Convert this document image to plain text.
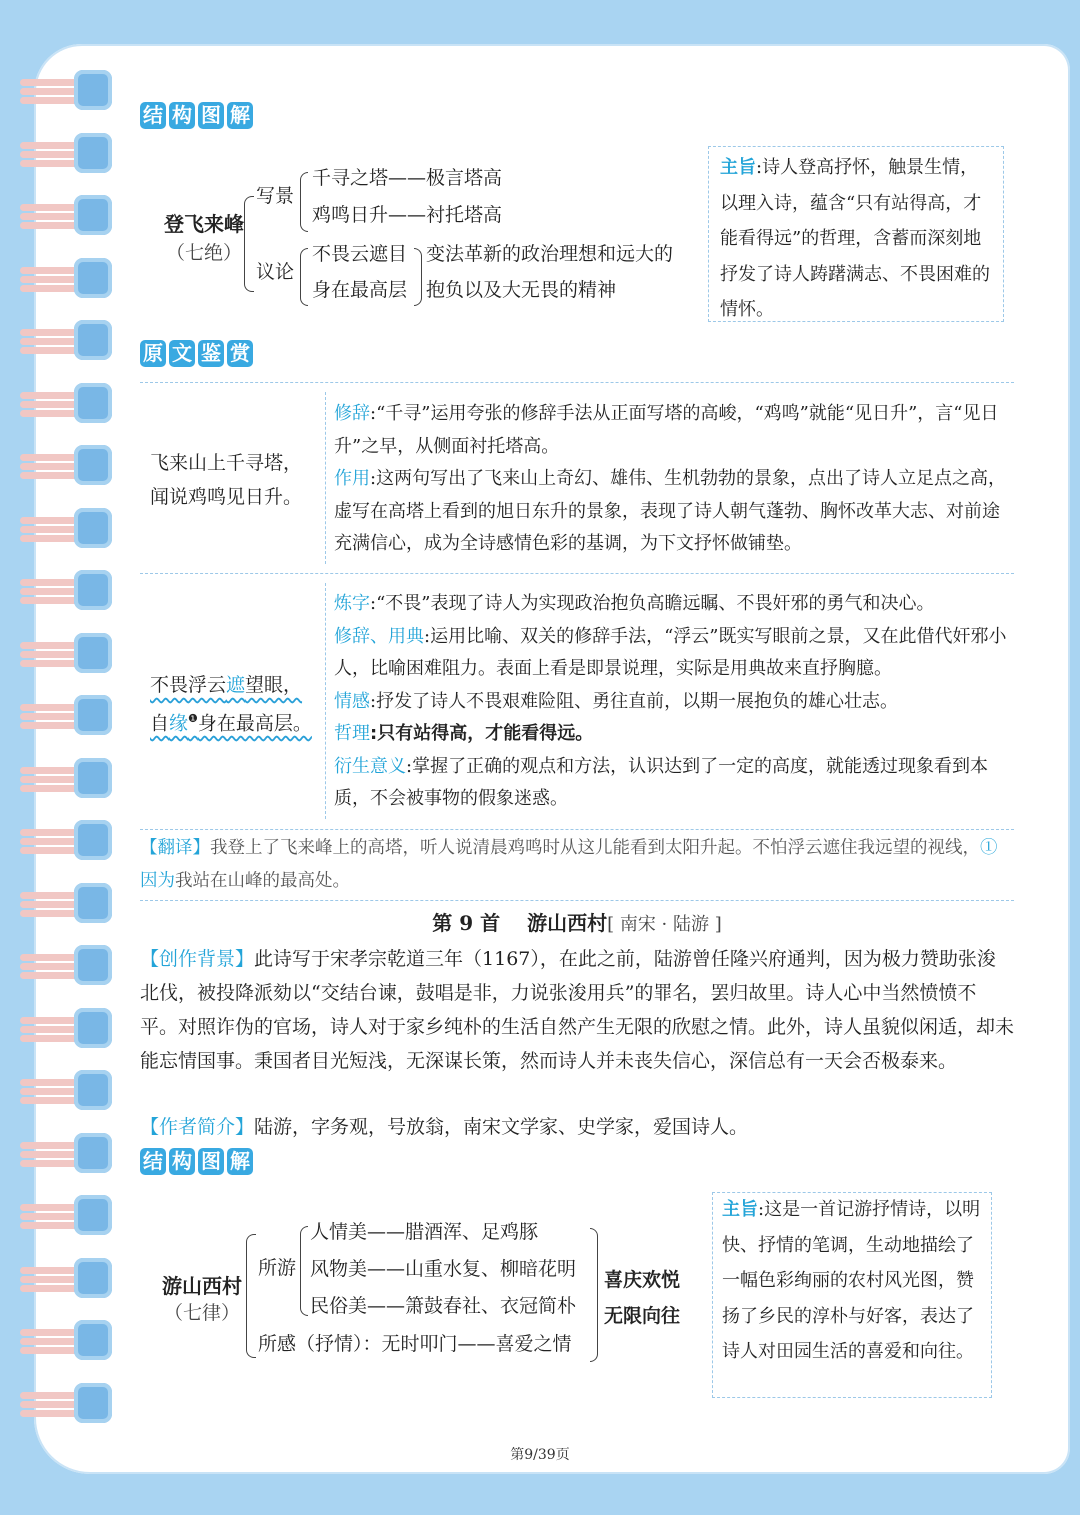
结 构 图 解
登飞来峰
（七绝）
写景
千寻之塔——极言塔高
鸡鸣日升——衬托塔高
议论
不畏云遮目
身在最高层
变法革新的政治理想和远大的
抱负以及大无畏的精神
主旨:诗人登高抒怀，触景生情，以理入诗，蕴含“只有站得高，才能看得远”的哲理，含蓄而深刻地抒发了诗人踌躇满志、不畏困难的情怀。
原 文 鉴 赏
飞来山上千寻塔，
闻说鸡鸣见日升。
修辞:“千寻”运用夸张的修辞手法从正面写塔的高峻，“鸡鸣”就能“见日升”，言“见日升”之早，从侧面衬托塔高。
作用:这两句写出了飞来山上奇幻、雄伟、生机勃勃的景象，点出了诗人立足点之高，虚写在高塔上看到的旭日东升的景象，表现了诗人朝气蓬勃、胸怀改革大志、对前途充满信心，成为全诗感情色彩的基调，为下文抒怀做铺垫。
不畏浮云遮望眼，
自缘$^❶$身在最高层。
炼字:“不畏”表现了诗人为实现政治抱负高瞻远瞩、不畏奸邪的勇气和决心。
修辞、用典:运用比喻、双关的修辞手法，“浮云”既实写眼前之景，又在此借代奸邪小人，比喻困难阻力。表面上看是即景说理，实际是用典故来直抒胸臆。
情感:抒发了诗人不畏艰难险阻、勇往直前，以期一展抱负的雄心壮志。
哲理:只有站得高，才能看得远。
衍生意义:掌握了正确的观点和方法，认识达到了一定的高度，就能透过现象看到本质，不会被事物的假象迷惑。
【翻译】我登上了飞来峰上的高塔，听人说清晨鸡鸣时从这儿能看到太阳升起。不怕浮云遮住我远望的视线，①因为我站在山峰的最高处。
第 9 首　 游山西村[ 南宋 · 陆游 ]
【创作背景】此诗写于宋孝宗乾道三年（1167），在此之前，陆游曾任隆兴府通判，因为极力赞助张浚北伐，被投降派劾以“交结台谏，鼓唱是非，力说张浚用兵”的罪名，罢归故里。诗人心中当然愤愤不平。对照诈伪的官场，诗人对于家乡纯朴的生活自然产生无限的欣慰之情。此外，诗人虽貌似闲适，却未能忘情国事。秉国者目光短浅，无深谋长策，然而诗人并未丧失信心，深信总有一天会否极泰来。
【作者简介】陆游，字务观，号放翁，南宋文学家、史学家，爱国诗人。
结 构 图 解
游山西村
（七律）
所游
人情美——腊酒浑、足鸡豚
风物美——山重水复、柳暗花明
民俗美——箫鼓春社、衣冠简朴
所感（抒情）：无时叩门——喜爱之情
喜庆欢悦
无限向往
主旨:这是一首记游抒情诗，以明快、抒情的笔调，生动地描绘了一幅色彩绚丽的农村风光图，赞扬了乡民的淳朴与好客，表达了诗人对田园生活的喜爱和向往。
第9/39页
